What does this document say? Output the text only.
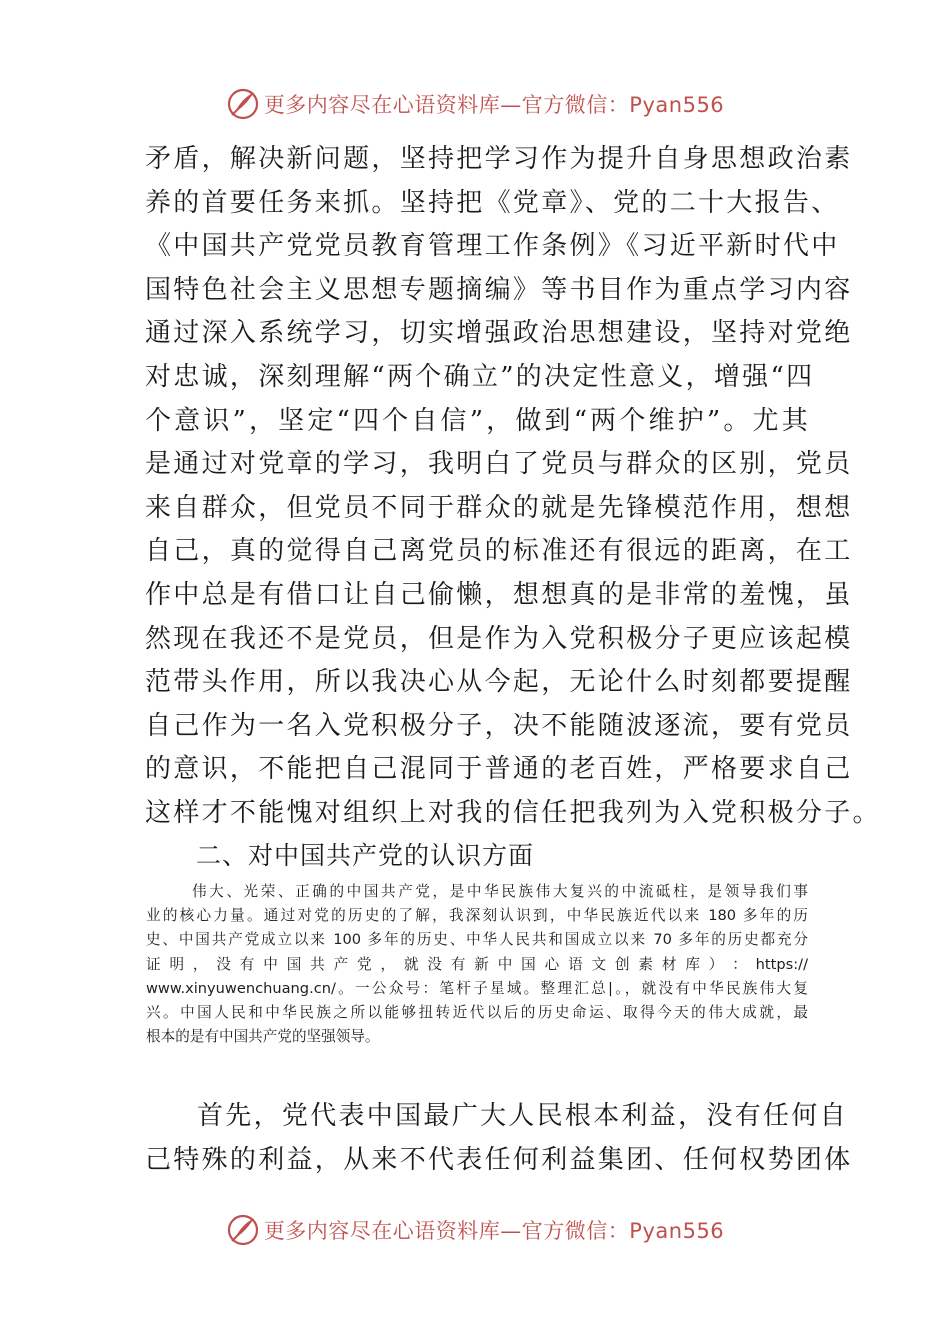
更多内容尽在心语资料库—官方微信：Pyan556
矛盾，解决新问题，坚持把学习作为提升自身思想政治素
养的首要任务来抓。坚持把《党章》、党的二十大报告、
《中国共产党党员教育管理工作条例》《习近平新时代中
国特色社会主义思想专题摘编》等书目作为重点学习内容
通过深入系统学习，切实增强政治思想建设，坚持对党绝
对忠诚，深刻理解“两个确立”的决定性意义，增强“四
个意识”，坚定“四个自信”，做到“两个维护”。尤其
是通过对党章的学习，我明白了党员与群众的区别，党员
来自群众，但党员不同于群众的就是先锋模范作用，想想
自己，真的觉得自己离党员的标准还有很远的距离，在工
作中总是有借口让自己偷懒，想想真的是非常的羞愧，虽
然现在我还不是党员，但是作为入党积极分子更应该起模
范带头作用，所以我决心从今起，无论什么时刻都要提醒
自己作为一名入党积极分子，决不能随波逐流，要有党员
的意识，不能把自己混同于普通的老百姓，严格要求自己
这样才不能愧对组织上对我的信任把我列为入党积极分子。
二、对中国共产党的认识方面
伟大、光荣、正确的中国共产党，是中华民族伟大复兴的中流砥柱，是领导我们事
业的核心力量。通过对党的历史的了解，我深刻认识到，中华民族近代以来 180 多年的历
史、中国共产党成立以来 100 多年的历史、中华人民共和国成立以来 70 多年的历史都充分
证 明 ， 没 有 中 国 共 产 党 ， 就 没 有 新 中 国 心 语 文 创 素 材 库 ） ： https://
www.xinyuwenchuang.cn/。一公众号：笔杆子星域。整理汇总|。，就没有中华民族伟大复
兴。中国人民和中华民族之所以能够扭转近代以后的历史命运、取得今天的伟大成就，最
根本的是有中国共产党的坚强领导。
首先，党代表中国最广大人民根本利益，没有任何自
己特殊的利益，从来不代表任何利益集团、任何权势团体
更多内容尽在心语资料库—官方微信：Pyan556
